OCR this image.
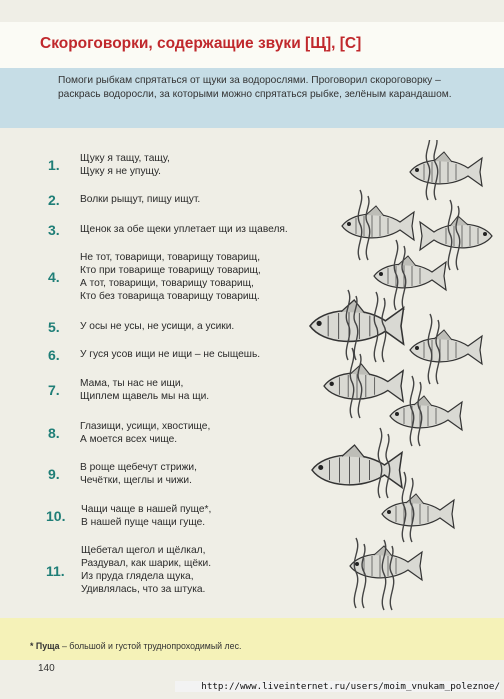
Скороговорки, содержащие звуки [Щ], [С]
Помоги рыбкам спрятаться от щуки за водорослями. Проговорил скороговорку – раскрась водоросли, за которыми можно спрятаться рыбке, зелёным карандашом.
1.	Щуку я тащу, тащу,
Щуку я не упущу.
2.	Волки рыщут, пищу ищут.
3.	Щенок за обе щеки уплетает щи из щавеля.
4.
Не тот, товарищи, товарищу товарищ,
Кто при товарище товарищу товарищ,
А тот, товарищи, товарищу товарищ,
Кто без товарища товарищу товарищ.
5.	У осы не усы, не усищи, а усики.
6.	У гуся усов ищи не ищи – не сыщешь.
7.	Мама, ты нас не ищи,
Щиплем щавель мы на щи.
8.	Глазищи, усищи, хвостище,
А моется всех чище.
9.	В роще щебечут стрижи,
Чечётки, щеглы и чижи.
10.	Чащи чаще в нашей пуще*,
В нашей пуще чащи гуще.
11.
Щебетал щегол и щёлкал,
Раздувал, как шарик, щёки.
Из пруда глядела щука,
Удивлялась, что за штука.
* Пуща – большой и густой труднопроходимый лес.
140
http://www.liveinternet.ru/users/moim_vnukam_poleznoe/
